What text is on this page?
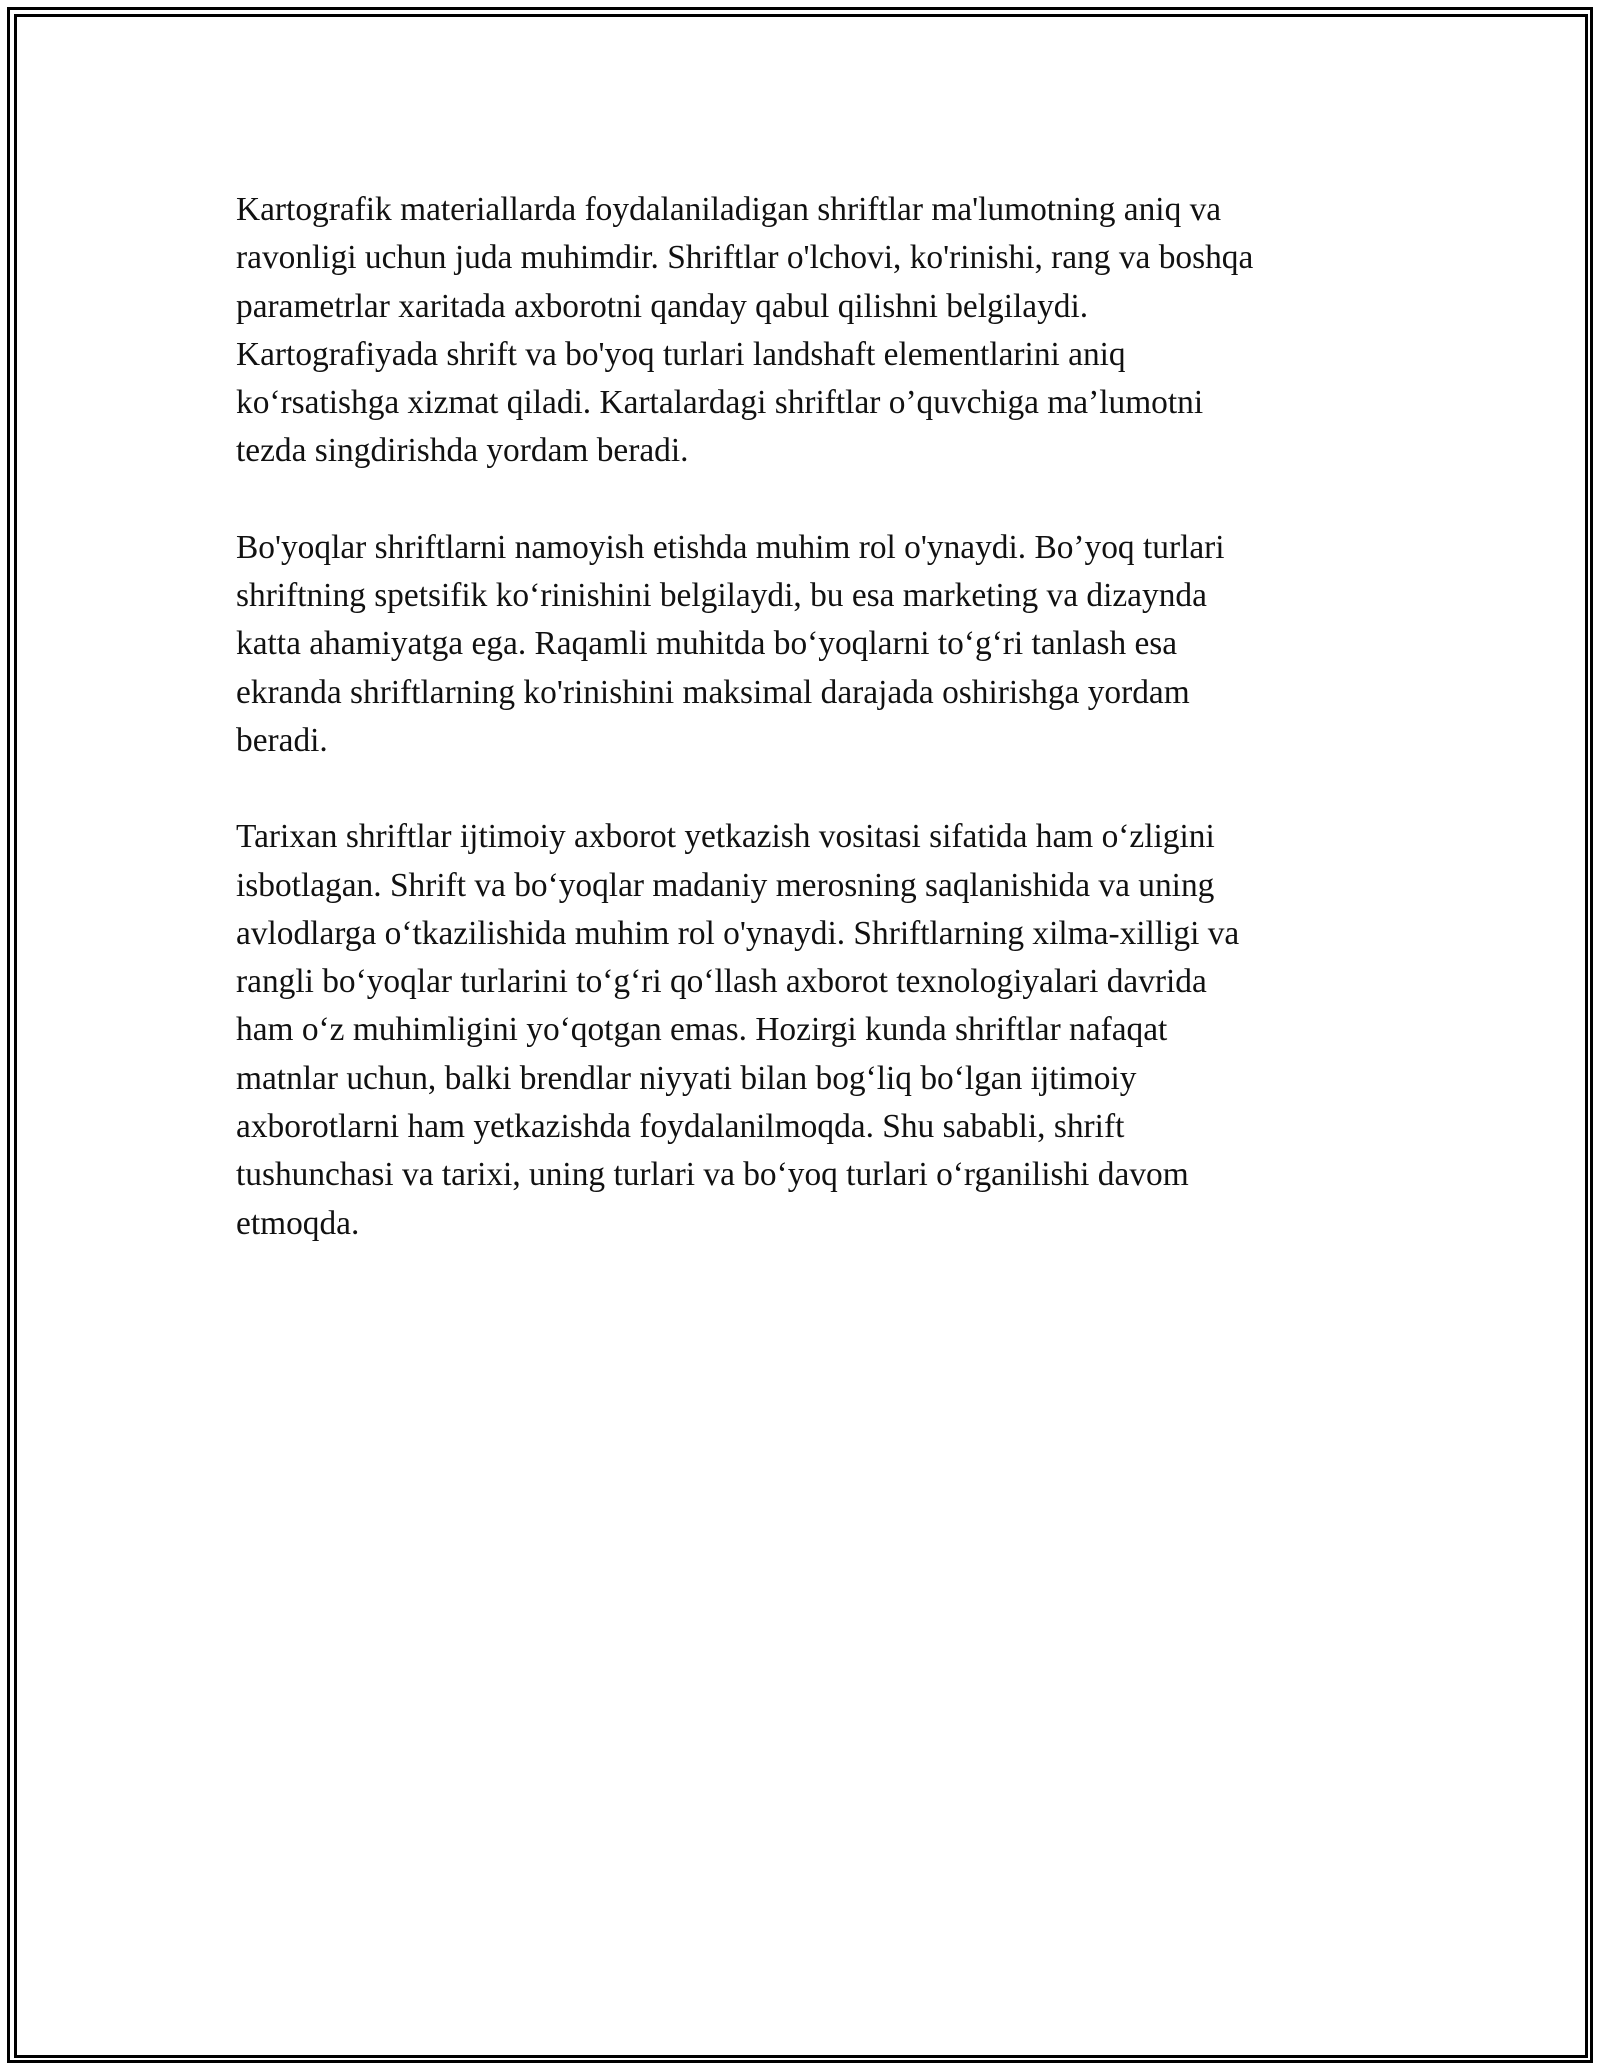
Kartografik materiallarda foydalaniladigan shriftlar ma'lumotning aniq va
ravonligi uchun juda muhimdir. Shriftlar o'lchovi, ko'rinishi, rang va boshqa
parametrlar xaritada axborotni qanday qabul qilishni belgilaydi.
Kartografiyada shrift va bo'yoq turlari landshaft elementlarini aniq
ko‘rsatishga xizmat qiladi. Kartalardagi shriftlar o’quvchiga ma’lumotni
tezda singdirishda yordam beradi.

Bo'yoqlar shriftlarni namoyish etishda muhim rol o'ynaydi. Bo’yoq turlari
shriftning spetsifik ko‘rinishini belgilaydi, bu esa marketing va dizaynda
katta ahamiyatga ega. Raqamli muhitda bo‘yoqlarni to‘g‘ri tanlash esa
ekranda shriftlarning ko'rinishini maksimal darajada oshirishga yordam
beradi.

Tarixan shriftlar ijtimoiy axborot yetkazish vositasi sifatida ham o‘zligini
isbotlagan. Shrift va bo‘yoqlar madaniy merosning saqlanishida va uning
avlodlarga o‘tkazilishida muhim rol o'ynaydi. Shriftlarning xilma-xilligi va
rangli bo‘yoqlar turlarini to‘g‘ri qo‘llash axborot texnologiyalari davrida
ham o‘z muhimligini yo‘qotgan emas. Hozirgi kunda shriftlar nafaqat
matnlar uchun, balki brendlar niyyati bilan bog‘liq bo‘lgan ijtimoiy
axborotlarni ham yetkazishda foydalanilmoqda. Shu sababli, shrift
tushunchasi va tarixi, uning turlari va bo‘yoq turlari o‘rganilishi davom
etmoqda.
